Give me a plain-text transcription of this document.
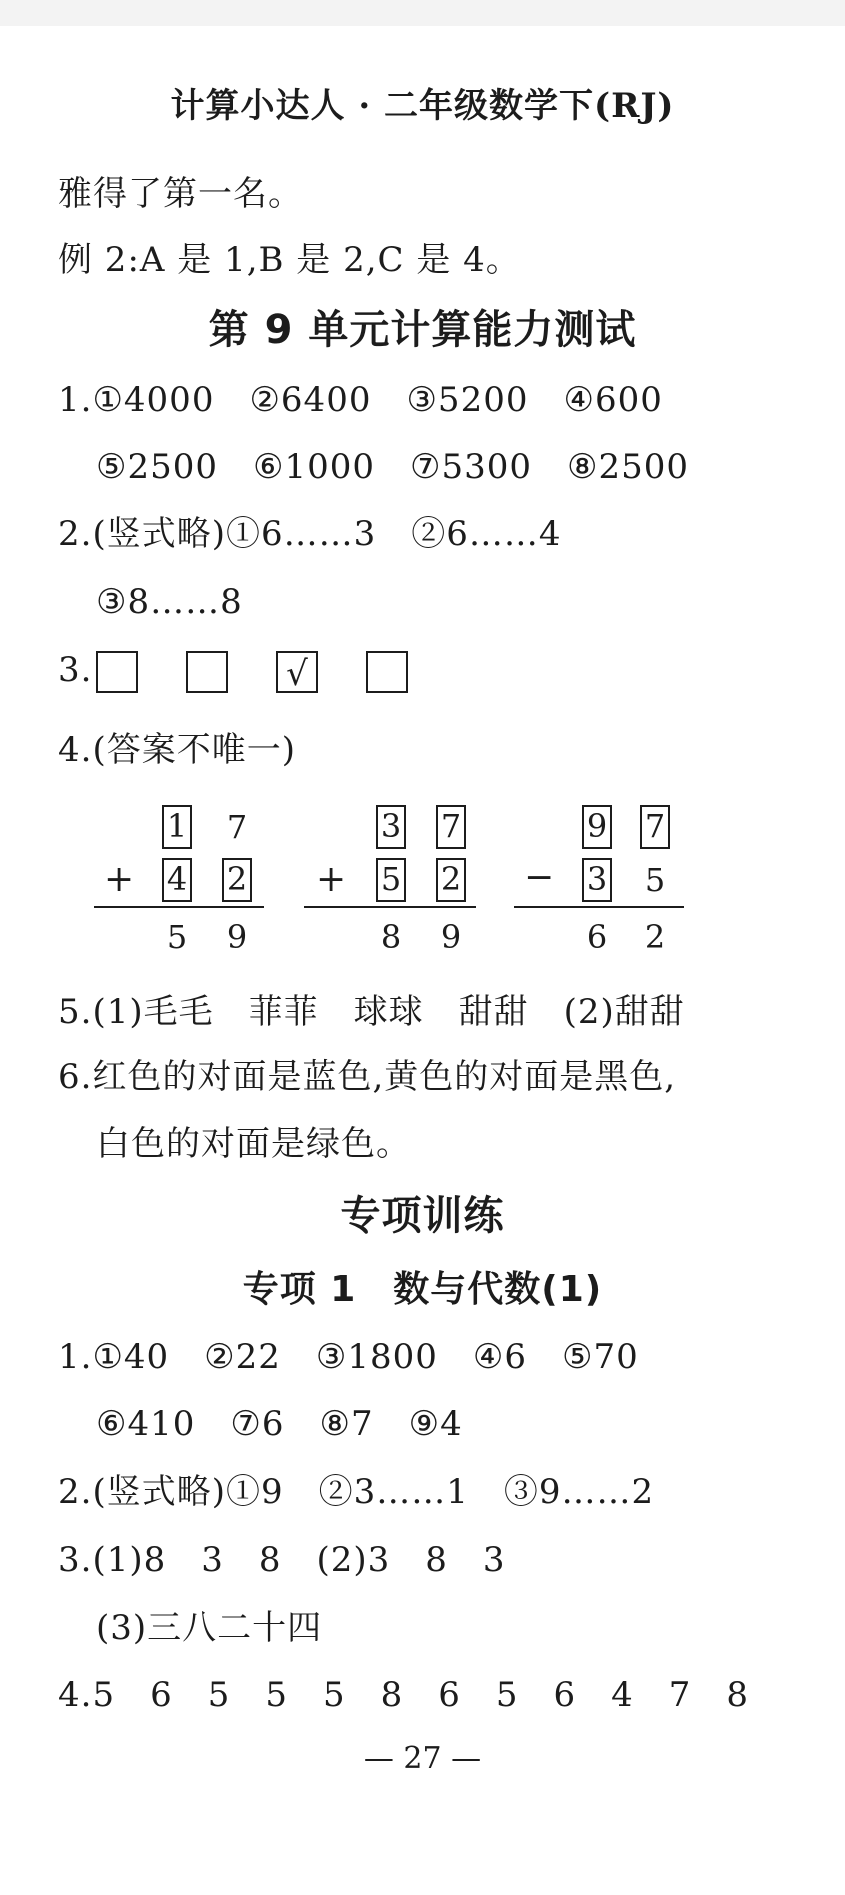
计算小达人 · 二年级数学下(RJ)
雅得了第一名。
例 2:A 是 1,B 是 2,C 是 4。
第 9 单元计算能力测试
1.①4000　②6400　③5200　④600
⑤2500　⑥1000　⑦5300　⑧2500
2.(竖式略)①6……3　②6……4
③8……8
3.	√
4.(答案不唯一)
1 7
+ 4 2
5 9
3 7
+ 5 2
8 9
9 7
− 3 5
6 2
5.(1)毛毛　菲菲　球球　甜甜　(2)甜甜
6.红色的对面是蓝色,黄色的对面是黑色,
白色的对面是绿色。
专项训练
专项 1　数与代数(1)
1.①40　②22　③1800　④6　⑤70
⑥410　⑦6　⑧7　⑨4
2.(竖式略)①9　②3……1　③9……2
3.(1)8　3　8　(2)3　8　3
(3)三八二十四
4.5　6　5　5　5　8　6　5　6　4　7　8
— 27 —
